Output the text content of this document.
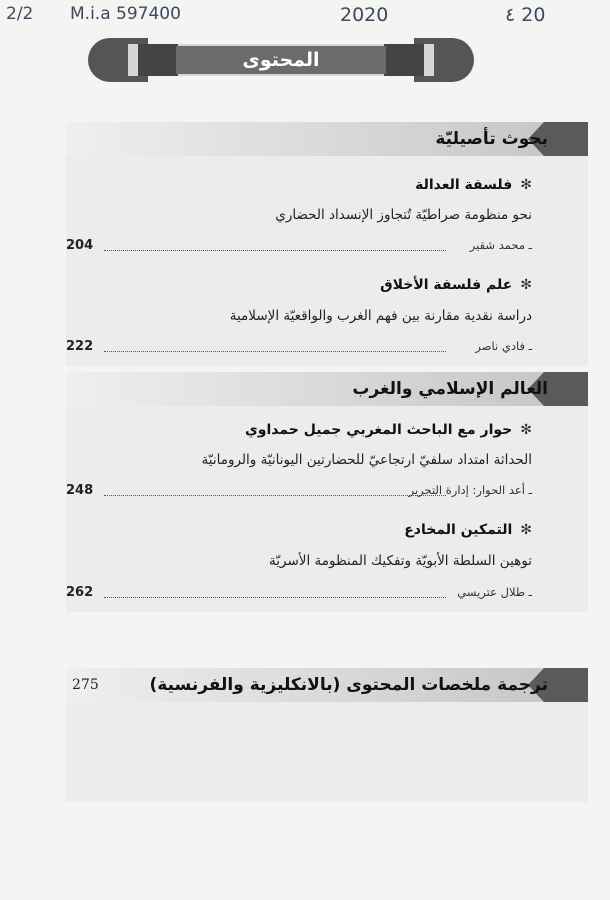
2/2 M.i.a 597400	2020	٤ 20
المحتوى
بحوث تأصيليّة
✻فلسفة العدالة
نحو منظومة صراطيّة تُتجاوز الإنسداد الحضاري
204	ـ محمد شقير
✻علم فلسفة الأخلاق
دراسة نقدية مقارنة بين فهم الغرب والواقعيّة الإسلامية
222	ـ فادي ناصر
العالم الإسلامي والغرب
✻حوار مع الباحث المغربي جميل حمداوي
الحداثة امتداد سلفيّ ارتجاعيّ للحضارتين اليونانيّة والرومانيّة
248	ـ أعد الحوار: إدارة التحرير
✻التمكين المخادع
توهين السلطة الأبويّة وتفكيك المنظومة الأسريّة
262	ـ طلال عتريسي
ترجمة ملخصات المحتوى (بالانكليزية والفرنسية)
275
